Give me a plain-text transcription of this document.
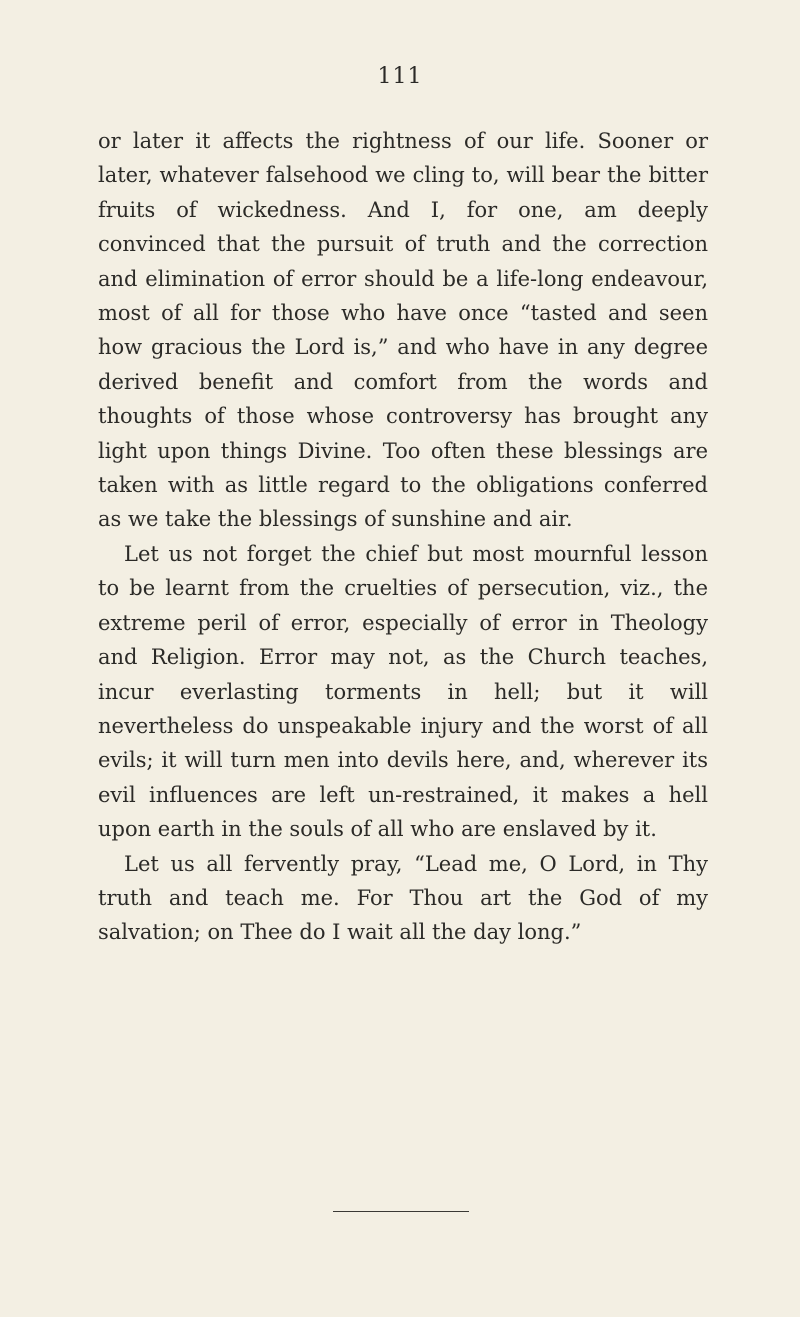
111

or later it affects the rightness of our life. Sooner or later, whatever falsehood we cling to, will bear the bitter fruits of wickedness. And I, for one, am deeply convinced that the pursuit of truth and the correction and elimination of error should be a life-long endeavour, most of all for those who have once “tasted and seen how gracious the Lord is,” and who have in any degree derived benefit and comfort from the words and thoughts of those whose controversy has brought any light upon things Divine. Too often these blessings are taken with as little regard to the obligations conferred as we take the blessings of sunshine and air.

Let us not forget the chief but most mournful lesson to be learnt from the cruelties of persecution, viz., the extreme peril of error, especially of error in Theology and Religion. Error may not, as the Church teaches, incur everlasting torments in hell; but it will nevertheless do unspeakable injury and the worst of all evils; it will turn men into devils here, and, wherever its evil influences are left un-restrained, it makes a hell upon earth in the souls of all who are enslaved by it.

Let us all fervently pray, “Lead me, O Lord, in Thy truth and teach me. For Thou art the God of my salvation; on Thee do I wait all the day long.”
